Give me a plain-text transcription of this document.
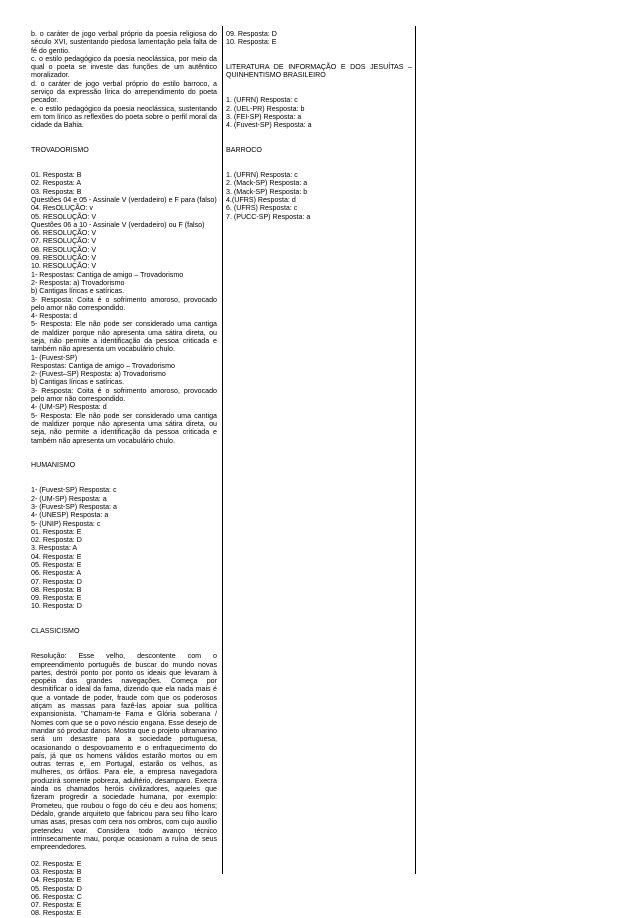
b. o caráter de jogo verbal próprio da poesia religiosa do século XVI, sustentando piedosa lamentação pela falta de fé do gentio.

c. o estilo pedagógico da poesia neoclássica, por meio da qual o poeta se investe das funções de um autêntico moralizador.

d. o caráter de jogo verbal próprio do estilo barroco, a serviço da expressão lírica do arrependimento do poeta pecador.

e. o estilo pedagógico da poesia neoclássica, sustentando em tom lírico as reflexões do poeta sobre o perfil moral da cidade da Bahia.

TROVADORISMO

01. Resposta: B

02. Resposta: A

03. Resposta: B

Questões 04 e 05 - Assinale V (verdadeiro) e F para (falso)

04. ResOLUÇÃO: v

05. RESOLUÇÃO: V

Questões 06 a 10 - Assinale V (verdadeiro) ou F (falso)

06. RESOLUÇÃO: V

07. RESOLUÇÃO: V

08. RESOLUÇÃO: V

09. RESOLUÇÃO: V

10. RESOLUÇÃO: V

1- Respostas: Cantiga de amigo – Trovadorismo

2- Resposta: a) Trovadorismo

b) Cantigas líricas e satíricas.

3- Resposta: Coita é o sofrimento amoroso, provocado pelo amor não correspondido.

4- Resposta: d

5- Resposta: Ele não pode ser considerado uma cantiga de maldizer porque não apresenta uma sátira direta, ou seja, não permite a identificação da pessoa criticada e também não apresenta um vocabulário chulo.

1- (Fuvest-SP)

Respostas: Cantiga de amigo – Trovadorismo

2- (Fuvest–SP) Resposta: a) Trovadorismo

b) Cantigas líricas e satíricas.

3- Resposta: Coita é o sofrimento amoroso, provocado pelo amor não correspondido.

4- (UM-SP) Resposta: d

5- Resposta: Ele não pode ser considerado uma cantiga de maldizer porque não apresenta uma sátira direta, ou seja, não permite a identificação da pessoa criticada e também não apresenta um vocabulário chulo.

HUMANISMO

1- (Fuvest-SP) Resposta: c

2- (UM-SP) Resposta: a

3- (Fuvest-SP) Resposta: a

4- (UNESP) Resposta: a

5- (UNIP) Resposta: c

01. Resposta: E

02. Resposta: D

3. Resposta: A

04. Resposta: E

05. Resposta: E

06. Resposta: A

07. Resposta: D

08. Resposta: B

09. Resposta: E

10. Resposta: D

CLASSICISMO

Resolução: Esse velho, descontente com o empreendimento português de buscar do mundo novas partes, destrói ponto por ponto os ideais que levaram à epopéia das grandes navegações. Começa por desmitificar o ideal da fama, dizendo que ela nada mais é que a vontade de poder, fraude com que os poderosos atiçam as massas para fazê-las apoiar sua política expansionista. "Chamam-te Fama e Glória soberana / Nomes com que se o povo néscio engana. Esse desejo de mandar só produz danos. Mostra que o projeto ultramarino será um desastre para a sociedade portuguesa, ocasionando o despovoamento e o enfraquecimento do país, já que os homens válidos estarão mortos ou em outras terras e, em Portugal, estarão os velhos, as mulheres, os órfãos. Para ele, a empresa navegadora produzirá somente pobreza, adultério, desamparo. Execra ainda os chamados heróis civilizadores, aqueles que fizeram progredir a sociedade humana, por exemplo: Prometeu, que roubou o fogo do céu e deu aos homens; Dédalo, grande arquiteto que fabricou para seu filho Ícaro umas asas, presas com cera nos ombros, com cujo auxílio pretendeu voar. Considera todo avanço técnico intrinsecamente mau, porque ocasionam a ruína de seus empreendedores.

02. Resposta: E

03. Resposta: B

04. Resposta: E

05. Resposta: D

06. Resposta: C

07. Resposta: E

08. Resposta: E

09. Resposta: D

10. Resposta: E

LITERATURA DE INFORMAÇÃO E DOS JESUÍTAS – QUINHENTISMO BRASILEIRO

1. (UFRN) Resposta: c

2. (UEL-PR) Resposta: b

3. (FEI-SP) Resposta: a

4. (Fuvest-SP) Resposta: a

BARROCO

1. (UFRN) Resposta: c

2. (Mack-SP) Resposta: a

3. (Mack-SP) Resposta: b

4.(UFRS) Resposta: d

6. (UFRS) Resposta: c

7. (PUCC-SP) Resposta: a
